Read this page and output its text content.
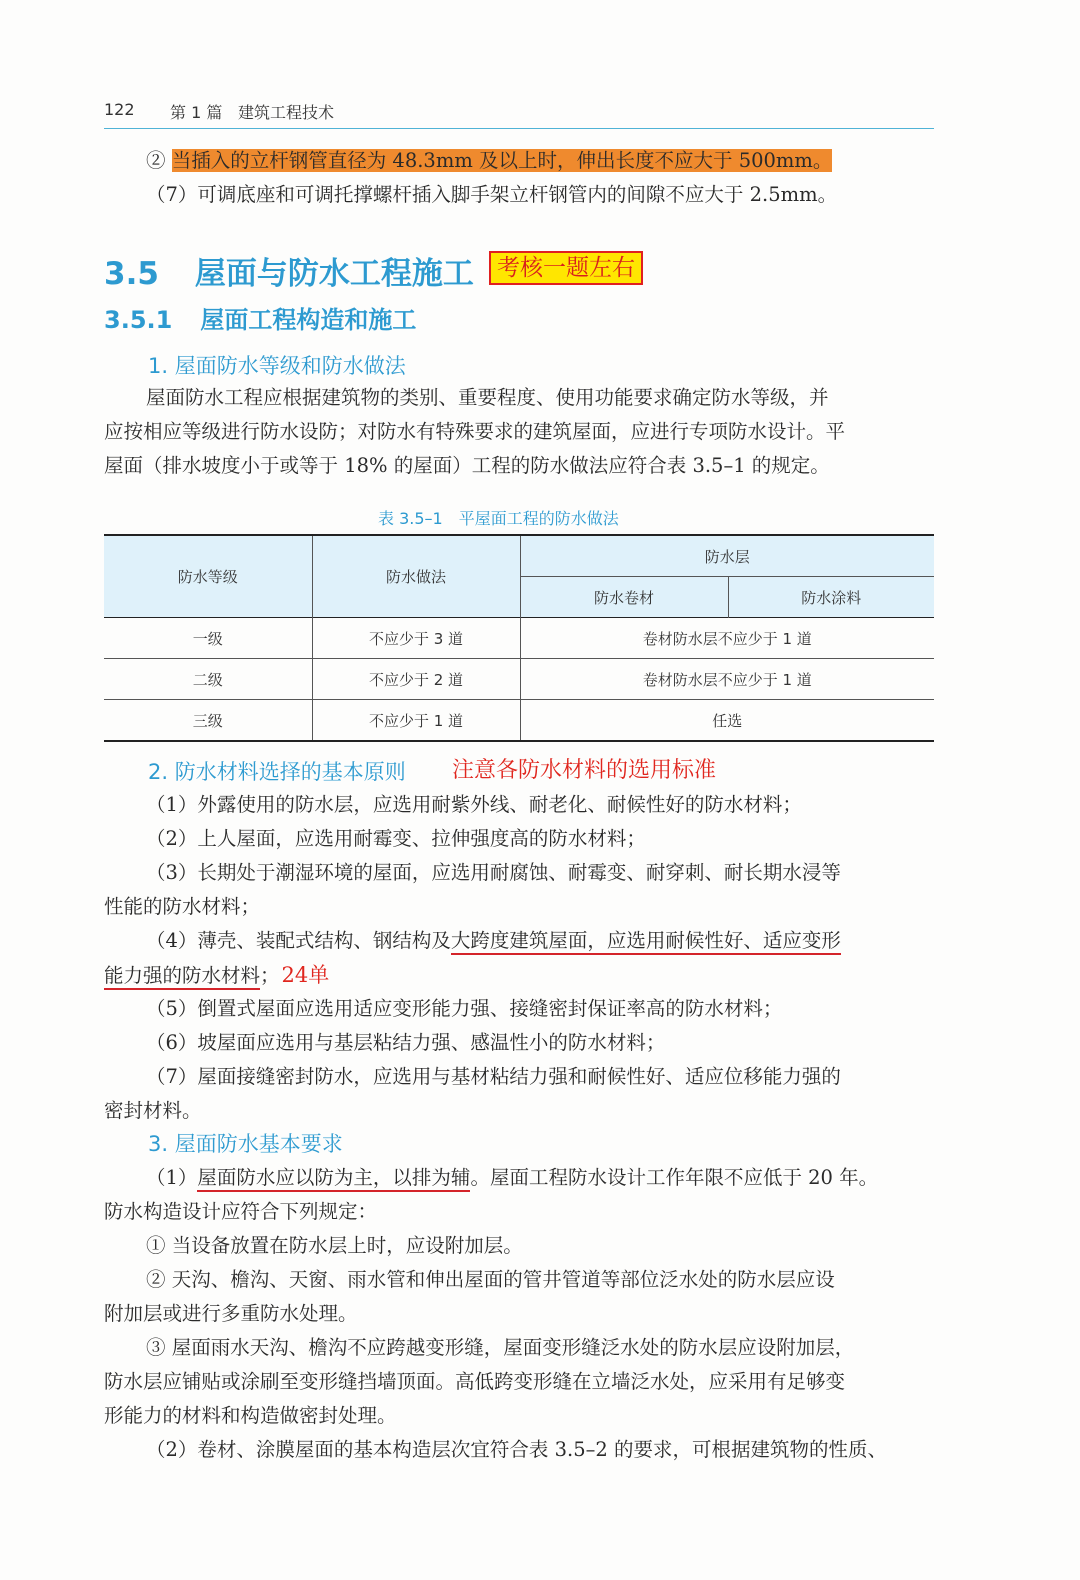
122 第 1 篇 建筑工程技术
② 当插入的立杆钢管直径为 48.3mm 及以上时，伸出长度不应大于 500mm。
（7）可调底座和可调托撑螺杆插入脚手架立杆钢管内的间隙不应大于 2.5mm。
3.5 屋面与防水工程施工	考核一题左右
3.5.1 屋面工程构造和施工
1. 屋面防水等级和防水做法
屋面防水工程应根据建筑物的类别、重要程度、使用功能要求确定防水等级，并
应按相应等级进行防水设防；对防水有特殊要求的建筑屋面，应进行专项防水设计。平
屋面（排水坡度小于或等于 18% 的屋面）工程的防水做法应符合表 3.5–1 的规定。
表 3.5–1　平屋面工程的防水做法
防水等级	防水做法	防水层	
		防水卷材	防水涂料
一级	不应少于 3 道	卷材防水层不应少于 1 道	
二级	不应少于 2 道	卷材防水层不应少于 1 道	
三级	不应少于 1 道	任选	
2. 防水材料选择的基本原则 注意各防水材料的选用标准
（1）外露使用的防水层，应选用耐紫外线、耐老化、耐候性好的防水材料；
（2）上人屋面，应选用耐霉变、拉伸强度高的防水材料；
（3）长期处于潮湿环境的屋面，应选用耐腐蚀、耐霉变、耐穿刺、耐长期水浸等
性能的防水材料；
（4）薄壳、装配式结构、钢结构及大跨度建筑屋面，应选用耐候性好、适应变形
能力强的防水材料；24单
（5）倒置式屋面应选用适应变形能力强、接缝密封保证率高的防水材料；
（6）坡屋面应选用与基层粘结力强、感温性小的防水材料；
（7）屋面接缝密封防水，应选用与基材粘结力强和耐候性好、适应位移能力强的
密封材料。
3. 屋面防水基本要求
（1）屋面防水应以防为主，以排为辅。屋面工程防水设计工作年限不应低于 20 年。
防水构造设计应符合下列规定：
① 当设备放置在防水层上时，应设附加层。
② 天沟、檐沟、天窗、雨水管和伸出屋面的管井管道等部位泛水处的防水层应设
附加层或进行多重防水处理。
③ 屋面雨水天沟、檐沟不应跨越变形缝，屋面变形缝泛水处的防水层应设附加层，
防水层应铺贴或涂刷至变形缝挡墙顶面。高低跨变形缝在立墙泛水处，应采用有足够变
形能力的材料和构造做密封处理。
（2）卷材、涂膜屋面的基本构造层次宜符合表 3.5–2 的要求，可根据建筑物的性质、
